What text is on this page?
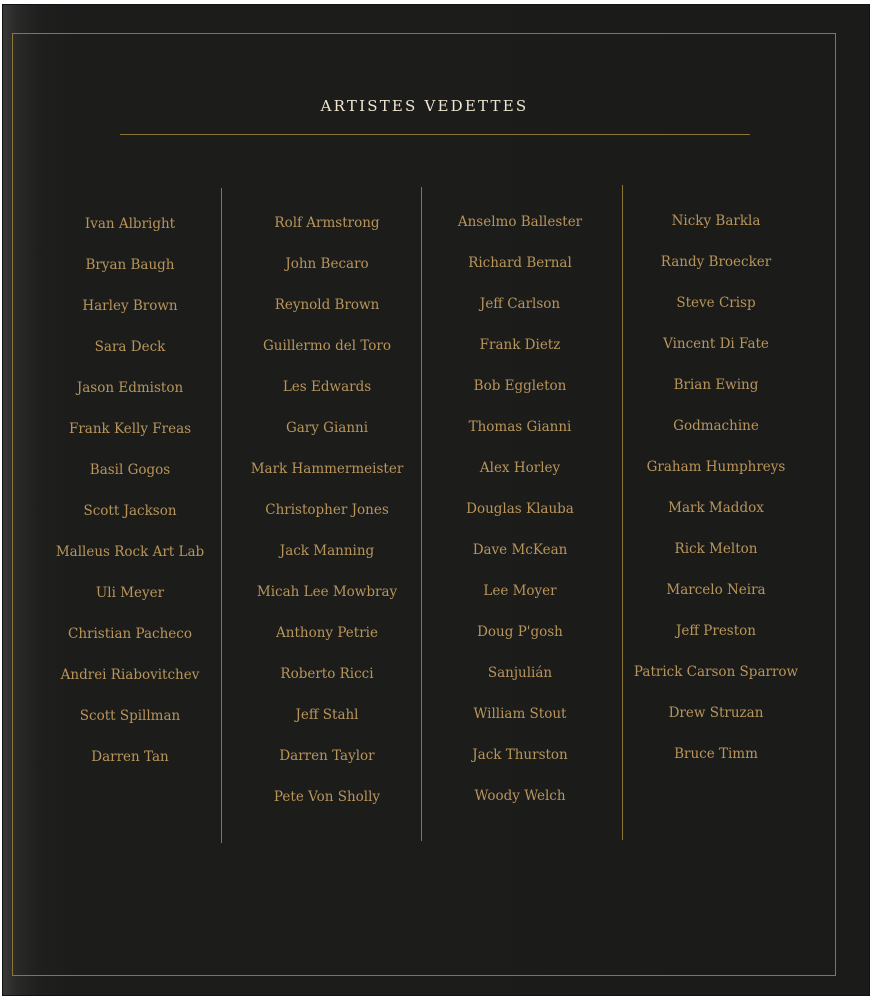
ARTISTES VEDETTES
Ivan Albright
Bryan Baugh
Harley Brown
Sara Deck
Jason Edmiston
Frank Kelly Freas
Basil Gogos
Scott Jackson
Malleus Rock Art Lab
Uli Meyer
Christian Pacheco
Andrei Riabovitchev
Scott Spillman
Darren Tan
Rolf Armstrong
John Becaro
Reynold Brown
Guillermo del Toro
Les Edwards
Gary Gianni
Mark Hammermeister
Christopher Jones
Jack Manning
Micah Lee Mowbray
Anthony Petrie
Roberto Ricci
Jeff Stahl
Darren Taylor
Pete Von Sholly
Anselmo Ballester
Richard Bernal
Jeff Carlson
Frank Dietz
Bob Eggleton
Thomas Gianni
Alex Horley
Douglas Klauba
Dave McKean
Lee Moyer
Doug P'gosh
Sanjulián
William Stout
Jack Thurston
Woody Welch
Nicky Barkla
Randy Broecker
Steve Crisp
Vincent Di Fate
Brian Ewing
Godmachine
Graham Humphreys
Mark Maddox
Rick Melton
Marcelo Neira
Jeff Preston
Patrick Carson Sparrow
Drew Struzan
Bruce Timm
